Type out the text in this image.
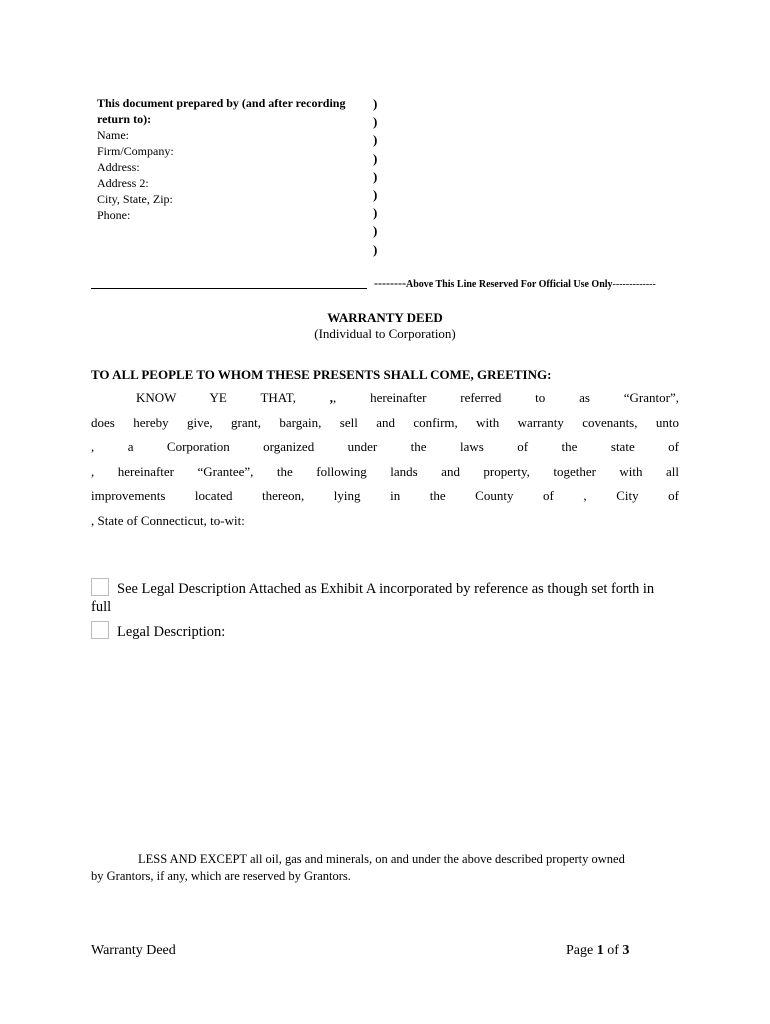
This document prepared by (and after recording
return to):
Name:
Firm/Company:
Address:
Address 2:
City, State, Zip:
Phone:
)
)
)
)
)
)
)
)
)
--------Above This Line Reserved For Official Use Only-------------
WARRANTY DEED
(Individual to Corporation)
TO ALL PEOPLE TO WHOM THESE PRESENTS SHALL COME, GREETING:
KNOW YE THAT,	,, hereinafter referred to as “Grantor”,
does hereby give, grant, bargain, sell and confirm, with warranty covenants, unto
, a Corporation organized under the laws of the state of
, hereinafter “Grantee”, the following lands and property, together with all
improvements located thereon, lying in the County of , City of
, State of Connecticut, to-wit:
See Legal Description Attached as Exhibit A incorporated by reference as though set forth in
full
Legal Description:
LESS AND EXCEPT all oil, gas and minerals, on and under the above described property owned
by Grantors, if any, which are reserved by Grantors.
Warranty Deed	Page 1 of 3
